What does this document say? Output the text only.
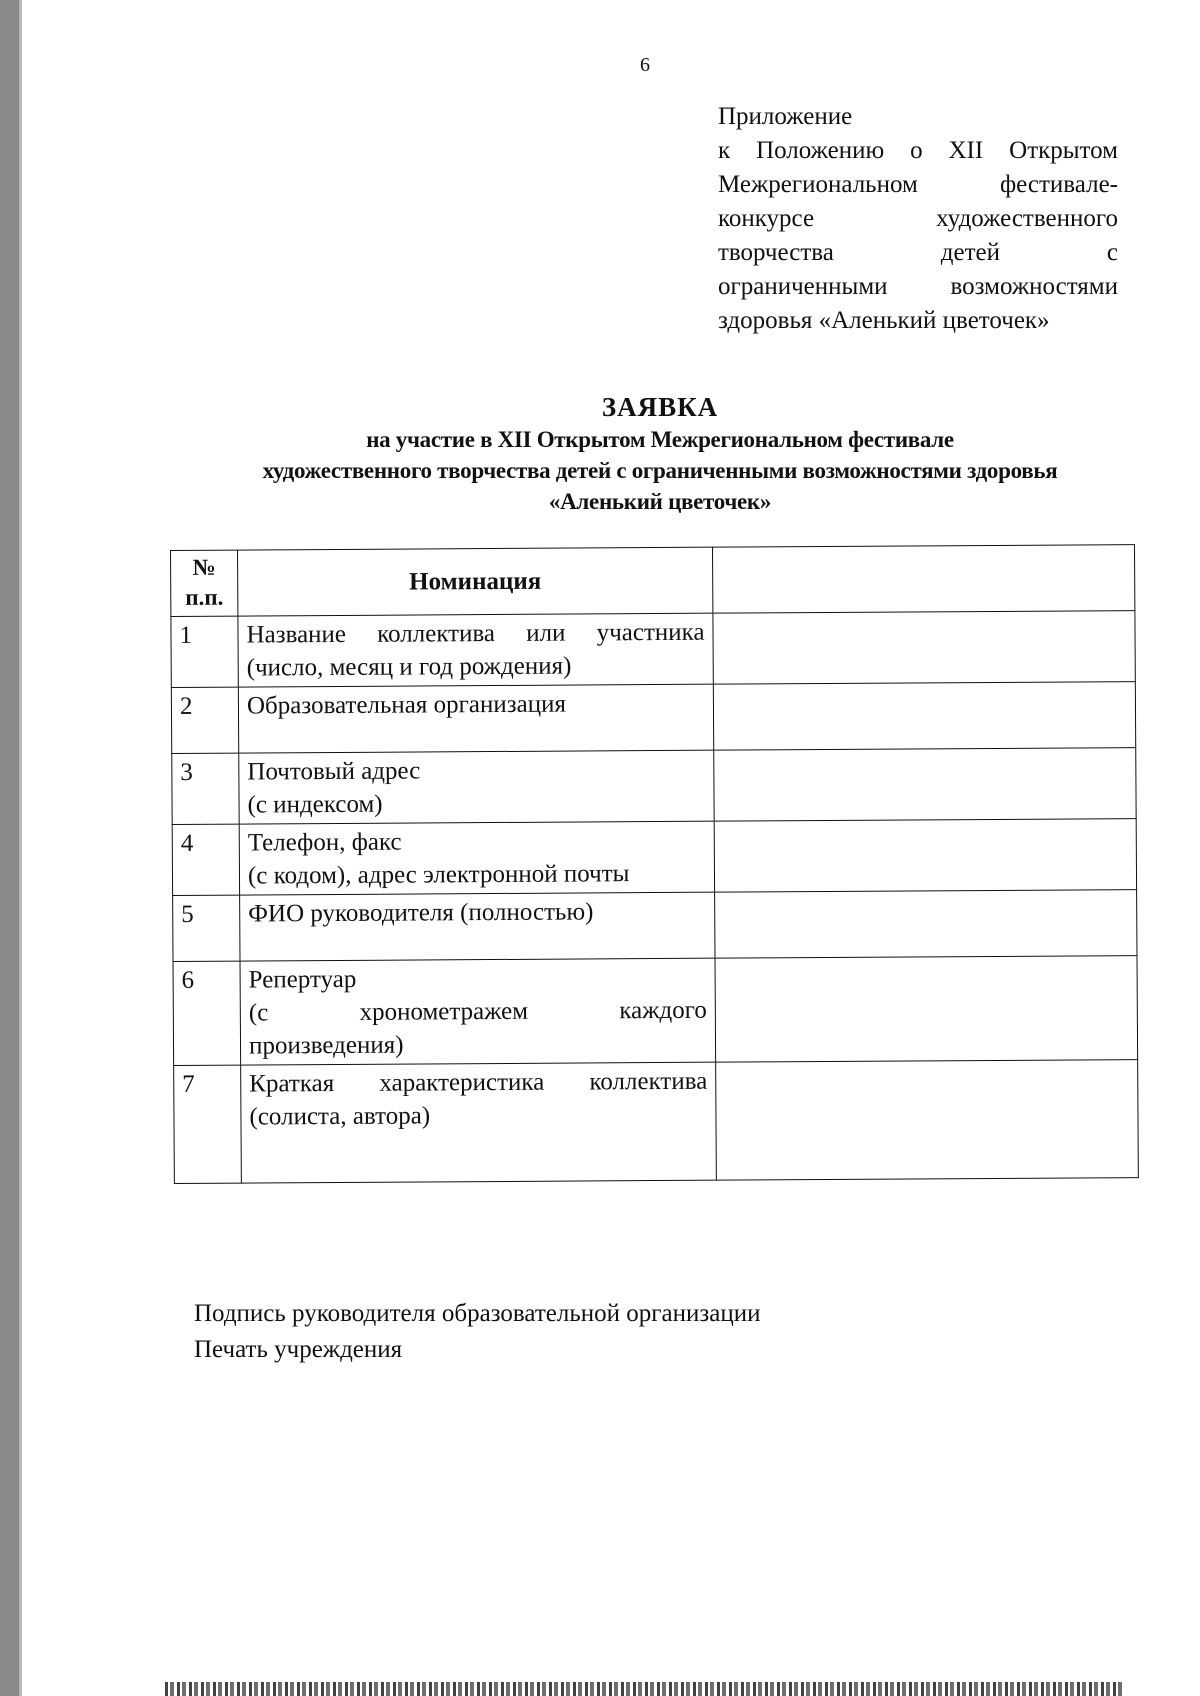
6
Приложение
к Положению о XII Открытом
Межрегиональном фестивале-
конкурсе художественного
творчества детей с
ограниченными возможностями
здоровья «Аленький цветочек»
ЗАЯВКА
на участие в XII Открытом Межрегиональном фестивале
художественного творчества детей с ограниченными возможностями здоровья
«Аленький цветочек»
№ п.п.	Номинация	
1	Название коллектива или участника
(число, месяц и год рождения)	
2	Образовательная организация	
3	Почтовый адрес
(с индексом)	
4	Телефон, факс
(с кодом), адрес электронной почты	
5	ФИО руководителя (полностью)	
6	Репертуар
(с хронометражем каждого
произведения)	
7	Краткая характеристика коллектива
(солиста, автора)	
Подпись руководителя образовательной организации
Печать учреждения
